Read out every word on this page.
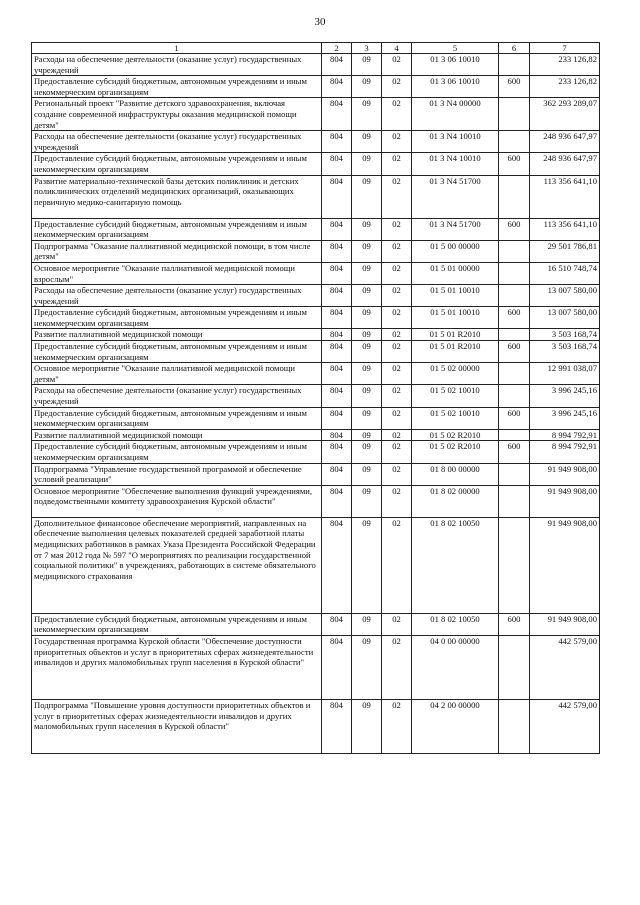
30
1	2	3	4	5	6	7
Расходы на обеспечение деятельности (оказание услуг) государственных учреждений	804	09	02	01 3 06 10010		233 126,82
Предоставление субсидий бюджетным, автономным учреждениям и иным некоммерческим организациям	804	09	02	01 3 06 10010	600	233 126,82
Региональный проект "Развитие детского здравоохранения, включая создание современной инфраструктуры оказания медицинской помощи детям"	804	09	02	01 3 N4 00000		362 293 289,07
Расходы на обеспечение деятельности (оказание услуг) государственных учреждений	804	09	02	01 3 N4 10010		248 936 647,97
Предоставление субсидий бюджетным, автономным учреждениям и иным некоммерческим организациям	804	09	02	01 3 N4 10010	600	248 936 647,97
Развитие материально-технической базы детских поликлиник и детских поликлинических отделений медицинских организаций, оказывающих первичную медико-санитарную помощь	804	09	02	01 3 N4 51700		113 356 641,10
Предоставление субсидий бюджетным, автономным учреждениям и иным некоммерческим организациям	804	09	02	01 3 N4 51700	600	113 356 641,10
Подпрограмма "Оказание паллиативной медицинской помощи, в том числе детям"	804	09	02	01 5 00 00000		29 501 786,81
Основное мероприятие "Оказание паллиативной медицинской помощи взрослым"	804	09	02	01 5 01 00000		16 510 748,74
Расходы на обеспечение деятельности (оказание услуг) государственных учреждений	804	09	02	01 5 01 10010		13 007 580,00
Предоставление субсидий бюджетным, автономным учреждениям и иным некоммерческим организациям	804	09	02	01 5 01 10010	600	13 007 580,00
Развитие паллиативной медицинской помощи	804	09	02	01 5 01 R2010		3 503 168,74
Предоставление субсидий бюджетным, автономным учреждениям и иным некоммерческим организациям	804	09	02	01 5 01 R2010	600	3 503 168,74
Основное мероприятие "Оказание паллиативной медицинской помощи детям"	804	09	02	01 5 02 00000		12 991 038,07
Расходы на обеспечение деятельности (оказание услуг) государственных учреждений	804	09	02	01 5 02 10010		3 996 245,16
Предоставление субсидий бюджетным, автономным учреждениям и иным некоммерческим организациям	804	09	02	01 5 02 10010	600	3 996 245,16
Развитие паллиативной медицинской помощи	804	09	02	01 5 02 R2010		8 994 792,91
Предоставление субсидий бюджетным, автономным учреждениям и иным некоммерческим организациям	804	09	02	01 5 02 R2010	600	8 994 792,91
Подпрограмма "Управление государственной программой и обеспечение условий реализации"	804	09	02	01 8 00 00000		91 949 908,00
Основное мероприятие "Обеспечение выполнения функций учреждениями, подведомственными комитету здравоохранения Курской области"	804	09	02	01 8 02 00000		91 949 908,00
Дополнительное финансовое обеспечение мероприятий, направленных на обеспечение выполнения целевых показателей средней заработной платы медицинских работников в рамках Указа Президента Российской Федерации от 7 мая 2012 года № 597 "О мероприятиях по реализации государственной социальной политики" в учреждениях, работающих в системе обязательного медицинского страхования	804	09	02	01 8 02 10050		91 949 908,00
Предоставление субсидий бюджетным, автономным учреждениям и иным некоммерческим организациям	804	09	02	01 8 02 10050	600	91 949 908,00
Государственная программа Курской области "Обеспечение доступности приоритетных объектов и услуг в приоритетных сферах жизнедеятельности инвалидов и других маломобильных групп населения в Курской области"	804	09	02	04 0 00 00000		442 579,00
Подпрограмма "Повышение уровня доступности приоритетных объектов и услуг в приоритетных сферах жизнедеятельности инвалидов и других маломобильных групп населения в Курской области"	804	09	02	04 2 00 00000		442 579,00
